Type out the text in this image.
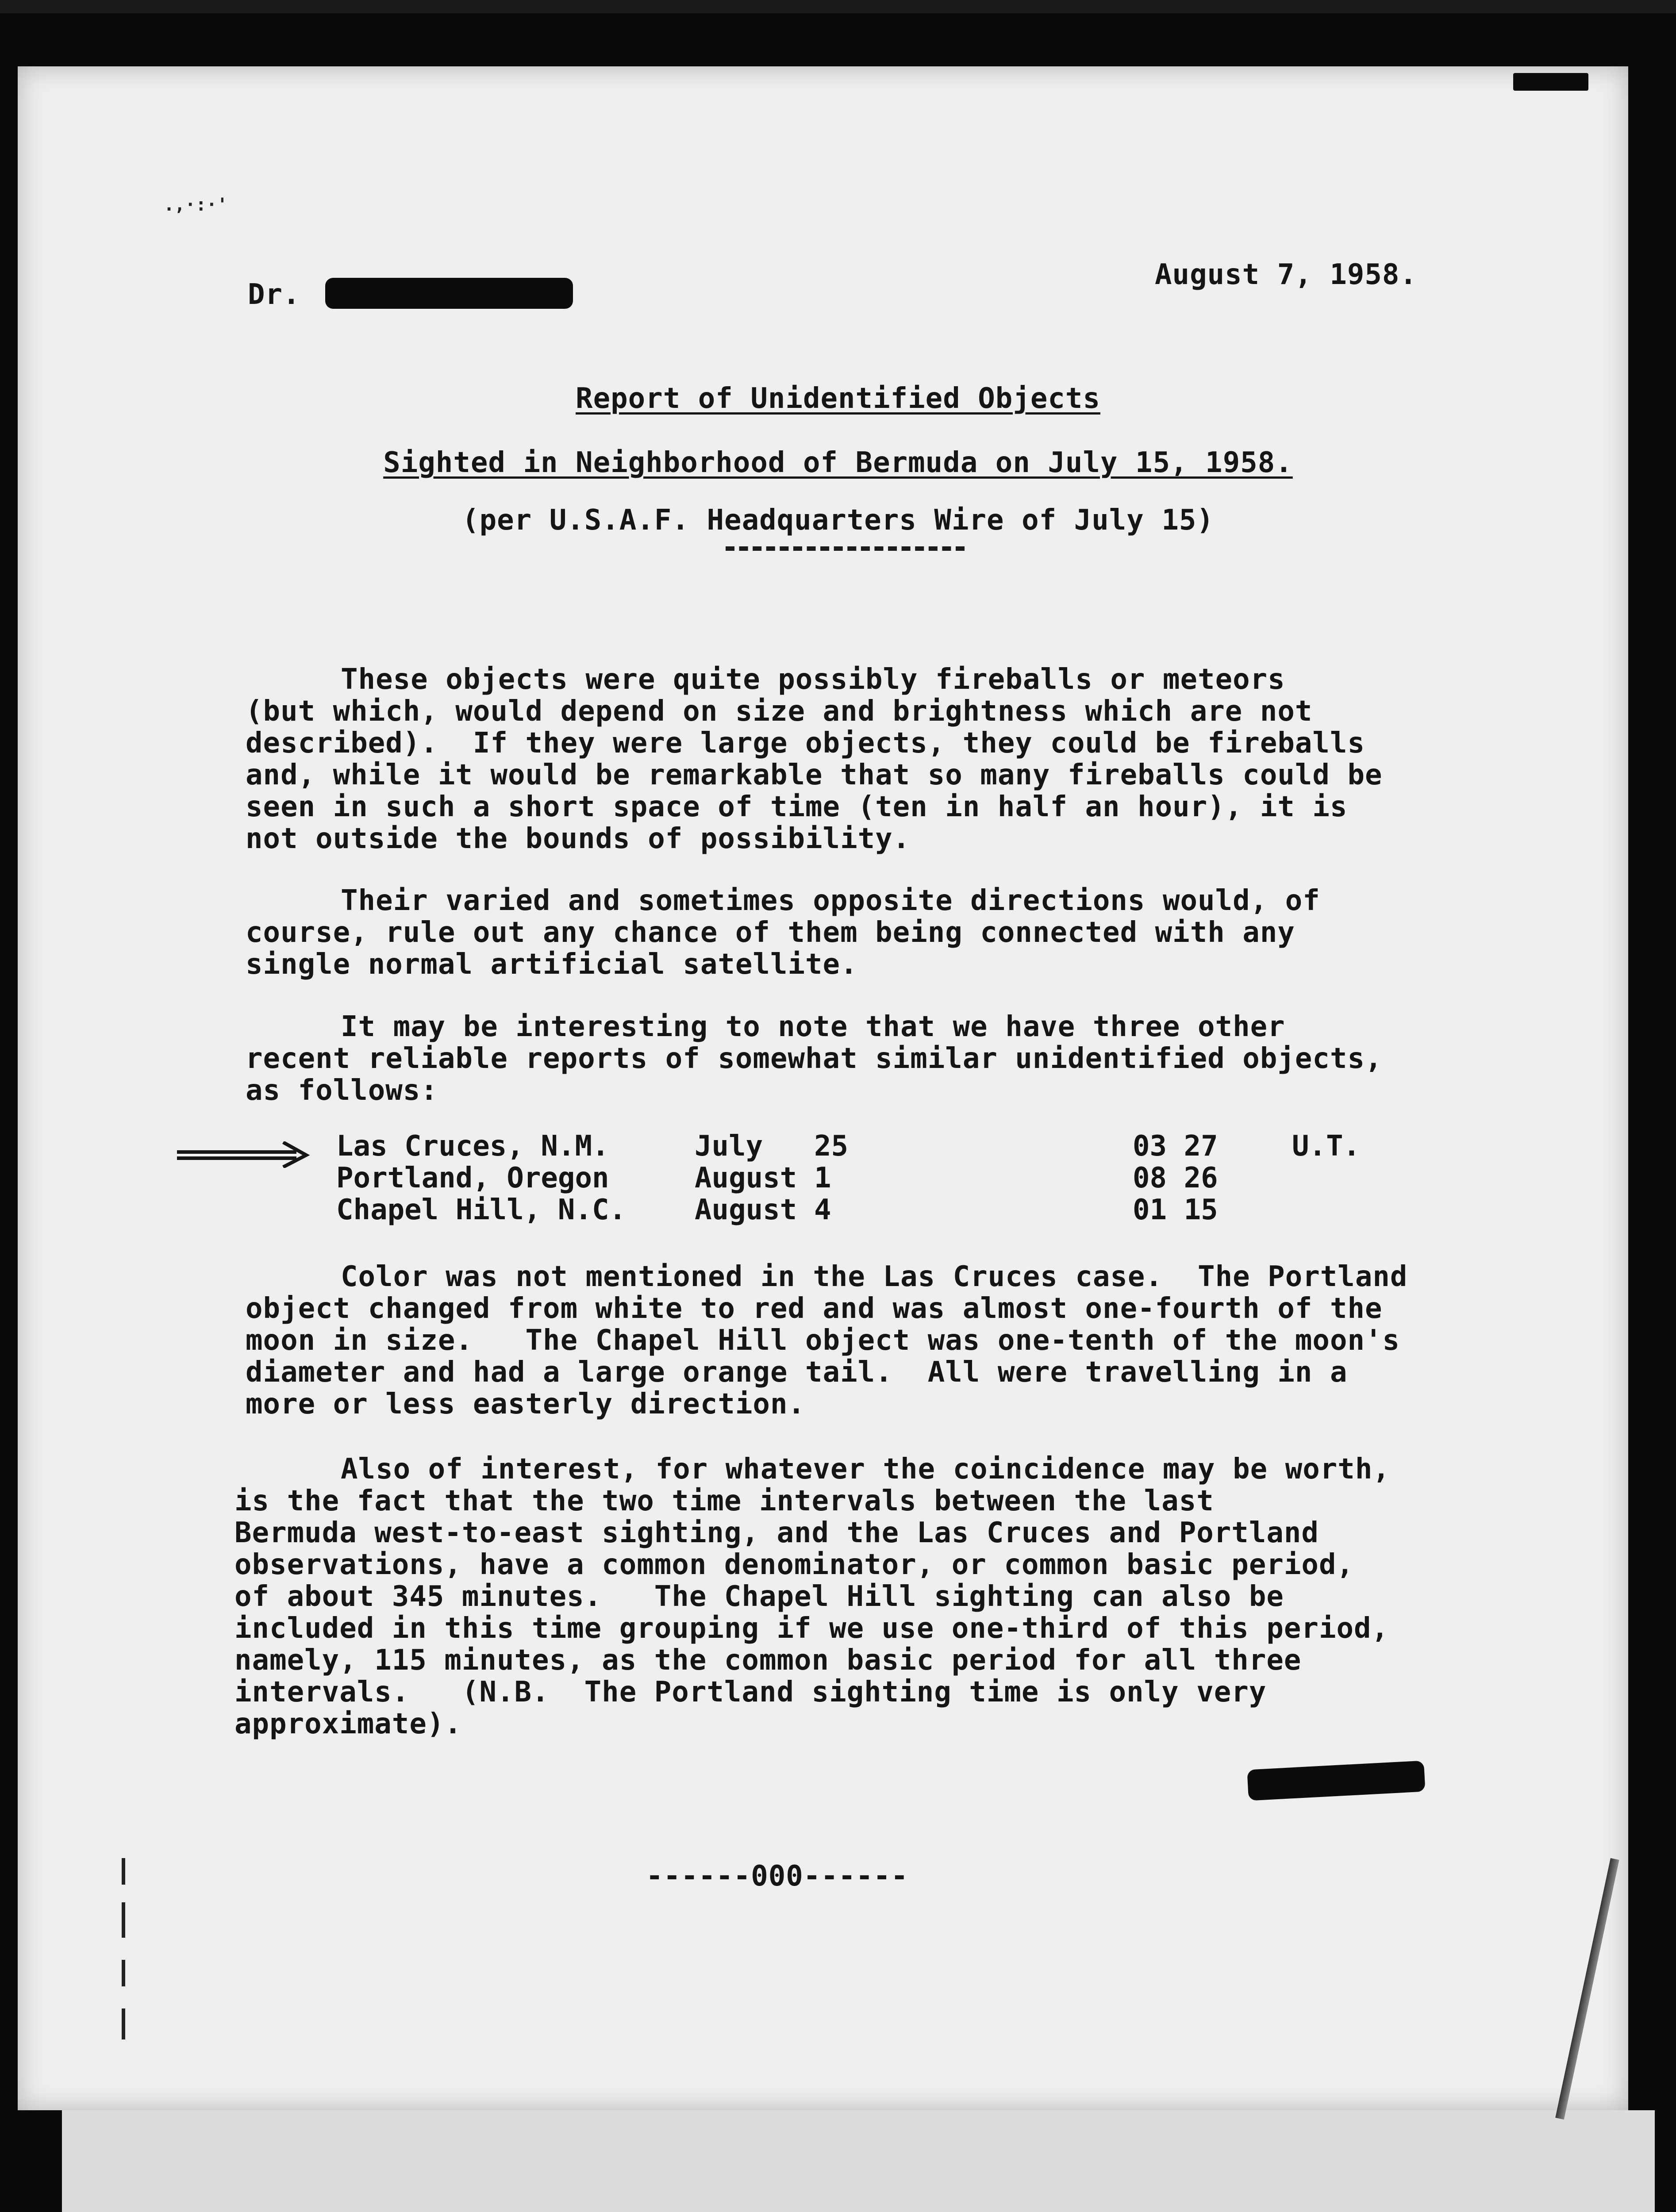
.,·:·'
Dr.
August 7, 1958.
Report of Unidentified Objects
Sighted in Neighborhood of Bermuda on July 15, 1958.
(per U.S.A.F. Headquarters Wire of July 15)
These objects were quite possibly fireballs or meteors
(but which, would depend on size and brightness which are not
described).  If they were large objects, they could be fireballs
and, while it would be remarkable that so many fireballs could be
seen in such a short space of time (ten in half an hour), it is
not outside the bounds of possibility.
Their varied and sometimes opposite directions would, of
course, rule out any chance of them being connected with any
single normal artificial satellite.
It may be interesting to note that we have three other
recent reliable reports of somewhat similar unidentified objects,
as follows:
Las Cruces, N.M.	July	25	03 27	U.T.
Portland, Oregon	August	1	08 26	
Chapel Hill, N.C.	August	4	01 15	
Color was not mentioned in the Las Cruces case.  The Portland
object changed from white to red and was almost one-fourth of the
moon in size.   The Chapel Hill object was one-tenth of the moon's
diameter and had a large orange tail.  All were travelling in a
more or less easterly direction.
Also of interest, for whatever the coincidence may be worth,
is the fact that the two time intervals between the last
Bermuda west-to-east sighting, and the Las Cruces and Portland
observations, have a common denominator, or common basic period,
of about 345 minutes.   The Chapel Hill sighting can also be
included in this time grouping if we use one-third of this period,
namely, 115 minutes, as the common basic period for all three
intervals.   (N.B.  The Portland sighting time is only very
approximate).
------000------
